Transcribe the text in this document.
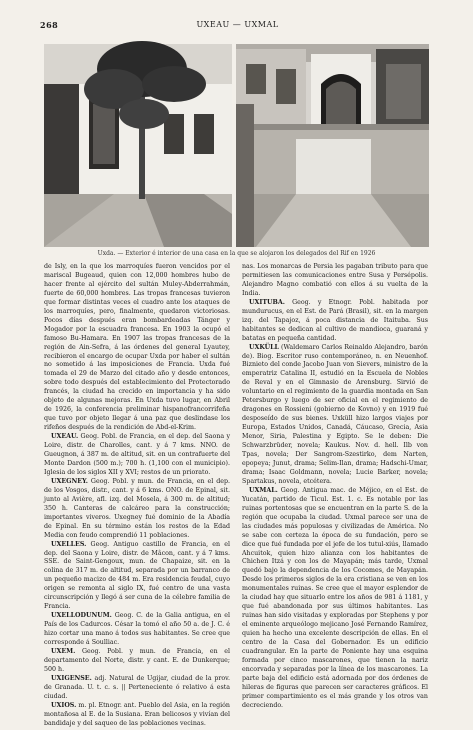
268	UXEAU — UXMAL
Uxda. — Exterior é interior de una casa en la que se alojaron los delegados del Rif en 1926

de Isly, en la que los marroquíes fueron vencidos por el mariscal Bugeaud, quien con 12,000 hombres hubo de hacer frente al ejército del sultán Muley-Abderrahmán, fuerte de 60,000 hombres. Las tropas francesas tuvieron que formar distintas veces el cuadro ante los ataques de los marroquíes, pero, finalmente, quedaron victoriosas. Pocos días después eran bombardeadas Tánger y Mogador por la escuadra francesa. En 1903 la ocupó el famoso Bu-Hamara. En 1907 las tropas francesas de la región de Ain-Sefra, á las órdenes del general Lyautey, recibieron el encargo de ocupar Uxda por haber el sultán no sometido á las imposiciones de Francia. Uxda fué tomada el 29 de Marzo del citado año y desde entonces, sobre todo después del establecimiento del Protectorado francés, la ciudad ha crecido en importancia y ha sido objeto de algunas mejoras. En Uxda tuvo lugar, en Abril de 1926, la conferencia preliminar hispanofrancorrifeña que tuvo por objeto llegar á una paz que deslindase los rifeños después de la rendición de Abd-el-Krim.

UXEAU. Geog. Pobl. de Francia, en el dep. del Saona y Loire, distr. de Charolles, cant. y á 7 kms. NNO. de Gueugnon, á 387 m. de altitud, sit. en un contrafuerte del Monte Dardon (500 m.); 700 h. (1,100 con el municipio). Iglesia de los siglos XII y XVI; restos de un priorato.

UXEGNEY. Geog. Pobl. y mun. de Francia, en el dep. de los Vosgos, distr., cant. y á 6 kms. ONO. de Epinal, sit. junto al Avière, afl. izq. del Mosela, á 300 m. de altitud; 350 h. Canteras de calcáreo para la construcción; importantes viveros. Uxegney fué dominio de la Abadía de Epinal. En su término están los restos de la Edad Media con feudo comprendió 11 poblaciones.

UXELLES. Geog. Antiguo castillo de Francia, en el dep. del Saona y Loire, distr. de Mâcon, cant. y á 7 kms. SSE. de Saint-Gengoux, mun. de Chapaize, sit. en la colina de 317 m. de altitud, separada por un barranco de un pequeño macizo de 484 m. Era residencia feudal, cuyo origen se remonta al siglo IX, fué centro de una vasta circunscripción y llegó á ser cuna de la célebre familia de Francia.

UXELLODUNUM. Geog. C. de la Galia antigua, en el País de los Cadurcos. César la tomó el año 50 a. de J. C. é hizo cortar una mano á todos sus habitantes. Se cree que corresponde á Soulliac.

UXEM. Geog. Pobl. y mun. de Francia, en el departamento del Norte, distr. y cant. E. de Dunkerque; 500 h.

UXIGENSE. adj. Natural de Ugijar, ciudad de la prov. de Granada. U. t. c. s. || Perteneciente ó relativo á esta ciudad.

UXIOS. m. pl. Etnogr. ant. Pueblo del Asia, en la región montañosa al E. de la Susiana. Eran belicosos y vivían del bandidaje y del saqueo de las poblaciones vecinas.

nas. Los monarcas de Persia les pagaban tributo para que permitiesen las comunicaciones entre Susa y Persépolis. Alejandro Magno combatió con ellos á su vuelta de la India.

UXITUBA. Geog. y Etnogr. Pobl. habitada por mundurucus, en el Est. de Pará (Brasil), sit. en la margen izq. del Tapajoz, á poca distancia de Itaituba. Sus habitantes se dedican al cultivo de mandioca, guaraná y batatas en pequeña cantidad.

UXKÜLL (Waldemaro Carlos Reinaldo Alejandro, barón de). Biog. Escritor ruso contemporáneo, n. en Neuenhof. Biznieto del conde Jacobo Juan von Sievers, ministro de la emperatriz Catalina II, estudió en la Escuela de Nobles de Reval y en el Gimnasio de Arensburg. Sirvió de voluntario en el regimiento de la guardia montada en San Petersburgo y luego de ser oficial en el regimiento de dragones en Rossieni (gobierno de Kovno) y en 1919 fué desposeído de sus bienes. Uxküll hizo largos viajes por Europa, Estados Unidos, Canadá, Cáucaso, Grecia, Asia Menor, Siria, Palestina y Egipto. Se le deben: Die Schwarzbrüder, novela; Kaukus. Nov. d. hell. Ilb von Tpas, novela; Der Sangrom-Szestirko, dem Narten, epopeya; Junut, drama; Selim-Ilan, drama; Hadschi-Umar, drama; Isaac Goldmann, novela; Lucie Barker, novela; Spartakus, novela, etcétera.

UXMAL. Geog. Antigua mac. de Méjico, en el Est. de Yucatán, partido de Ticul. Est. 1. c. Es notable por las ruinas portentosas que se encuentran en la parte S. de la región que ocupaba la ciudad. Uxmal parece ser una de las ciudades más populosas y civilizadas de América. No se sabe con certeza la época de su fundación, pero se dice que fué fundada por el jefe de los tutul-xiús, llamado Ahcuitok, quien hizo alianza con los habitantes de Chichen Itzá y con los de Mayapán; más tarde, Uxmal quedó bajo la dependencia de los Cocomes, de Mayapán. Desde los primeros siglos de la era cristiana se ven en los monumentales ruinas. Se cree que el mayor esplendor de la ciudad hay que situarlo entre los años de 981 á 1181, y que fué abandonada por sus últimos habitantes. Las ruinas han sido visitadas y exploradas por Stephens y por el eminente arqueólogo mejicano José Fernando Ramírez, quien ha hecho una excelente descripción de ellas. En el centro de la Casa del Gobernador. Es un edificio cuadrangular. En la parte de Poniente hay una esquina formada por cinco mascarones, que tienen la nariz encorvada y separadas por la línea de los mascarones. La parte baja del edificio está adornada por dos órdenes de hileras de figuras que parecen ser caracteres gráficos. El primer compartimiento es el más grande y los otros van decreciendo.
